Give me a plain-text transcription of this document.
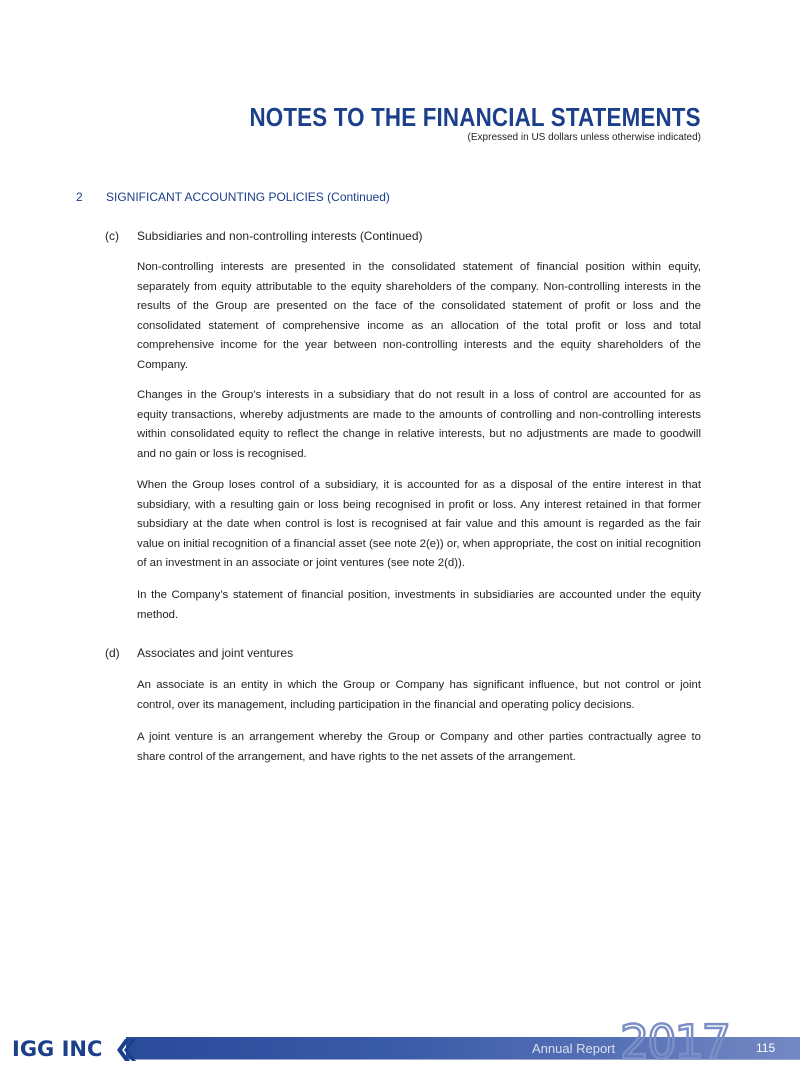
NOTES TO THE FINANCIAL STATEMENTS
(Expressed in US dollars unless otherwise indicated)
2 SIGNIFICANT ACCOUNTING POLICIES (Continued)
(c) Subsidiaries and non-controlling interests (Continued)

Non-controlling interests are presented in the consolidated statement of financial position within equity, separately from equity attributable to the equity shareholders of the company. Non-controlling interests in the results of the Group are presented on the face of the consolidated statement of profit or loss and the consolidated statement of comprehensive income as an allocation of the total profit or loss and total comprehensive income for the year between non-controlling interests and the equity shareholders of the Company.

Changes in the Group’s interests in a subsidiary that do not result in a loss of control are accounted for as equity transactions, whereby adjustments are made to the amounts of controlling and non-controlling interests within consolidated equity to reflect the change in relative interests, but no adjustments are made to goodwill and no gain or loss is recognised.

When the Group loses control of a subsidiary, it is accounted for as a disposal of the entire interest in that subsidiary, with a resulting gain or loss being recognised in profit or loss. Any interest retained in that former subsidiary at the date when control is lost is recognised at fair value and this amount is regarded as the fair value on initial recognition of a financial asset (see note 2(e)) or, when appropriate, the cost on initial recognition of an investment in an associate or joint ventures (see note 2(d)).

In the Company’s statement of financial position, investments in subsidiaries are accounted under the equity method.

(d) Associates and joint ventures

An associate is an entity in which the Group or Company has significant influence, but not control or joint control, over its management, including participation in the financial and operating policy decisions.

A joint venture is an arrangement whereby the Group or Company and other parties contractually agree to share control of the arrangement, and have rights to the net assets of the arrangement.

IGG INC	Annual Report 2017 115
